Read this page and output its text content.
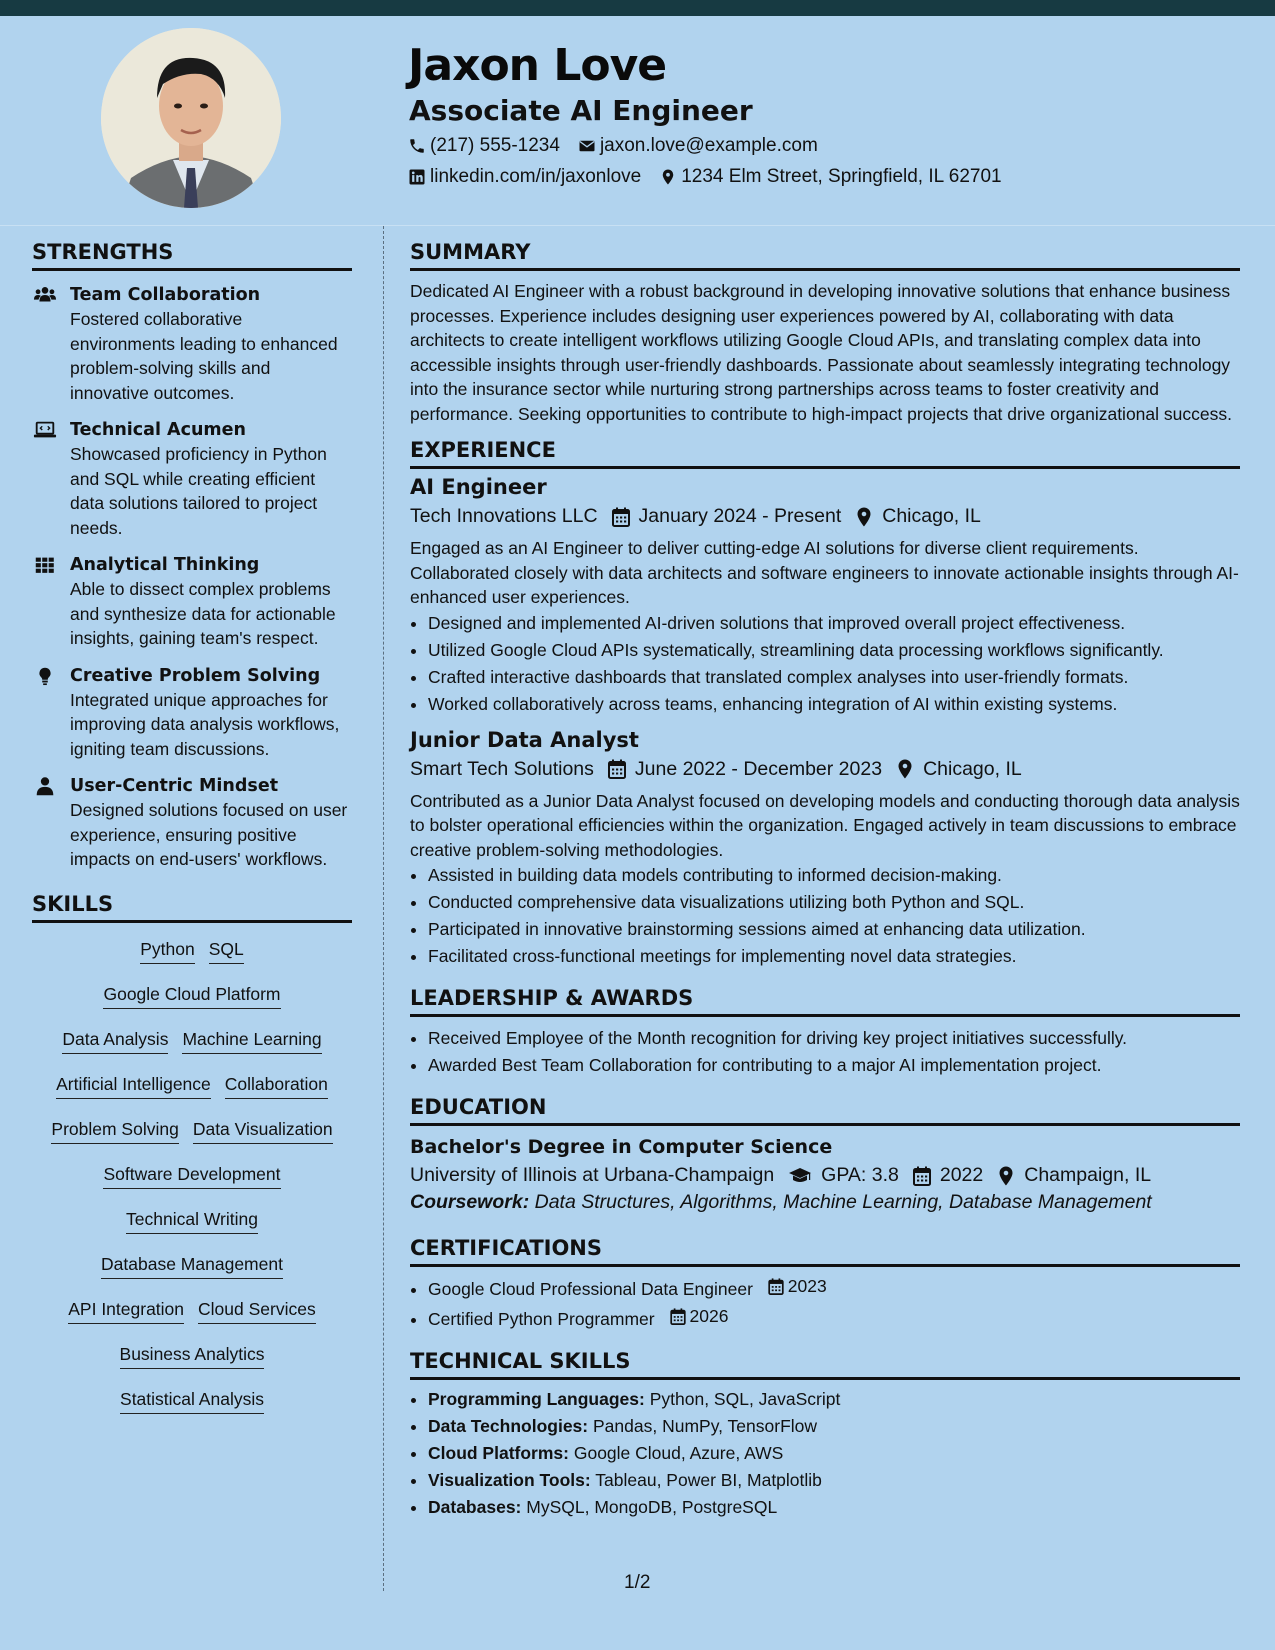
Jaxon Love
Associate AI Engineer
(217) 555-1234 jaxon.love@example.com
linkedin.com/in/jaxonlove 1234 Elm Street, Springfield, IL 62701
STRENGTHS
Team Collaboration
Fostered collaborative environments leading to enhanced problem-solving skills and innovative outcomes.
Technical Acumen
Showcased proficiency in Python and SQL while creating efficient data solutions tailored to project needs.
Analytical Thinking
Able to dissect complex problems and synthesize data for actionable insights, gaining team's respect.
Creative Problem Solving
Integrated unique approaches for improving data analysis workflows, igniting team discussions.
User-Centric Mindset
Designed solutions focused on user experience, ensuring positive impacts on end-users' workflows.
SKILLS
Python SQL
Google Cloud Platform
Data Analysis Machine Learning
Artificial Intelligence Collaboration
Problem Solving Data Visualization
Software Development
Technical Writing
Database Management
API Integration Cloud Services
Business Analytics
Statistical Analysis
SUMMARY

Dedicated AI Engineer with a robust background in developing innovative solutions that enhance business processes. Experience includes designing user experiences powered by AI, collaborating with data architects to create intelligent workflows utilizing Google Cloud APIs, and translating complex data into accessible insights through user-friendly dashboards. Passionate about seamlessly integrating technology into the insurance sector while nurturing strong partnerships across teams to foster creativity and performance. Seeking opportunities to contribute to high-impact projects that drive organizational success.

EXPERIENCE
AI Engineer
Tech Innovations LLC January 2024 - Present Chicago, IL
Engaged as an AI Engineer to deliver cutting-edge AI solutions for diverse client requirements. Collaborated closely with data architects and software engineers to innovate actionable insights through AI-enhanced user experiences.
• Designed and implemented AI-driven solutions that improved overall project effectiveness.
• Utilized Google Cloud APIs systematically, streamlining data processing workflows significantly.
• Crafted interactive dashboards that translated complex analyses into user-friendly formats.
• Worked collaboratively across teams, enhancing integration of AI within existing systems.
Junior Data Analyst
Smart Tech Solutions June 2022 - December 2023 Chicago, IL
Contributed as a Junior Data Analyst focused on developing models and conducting thorough data analysis to bolster operational efficiencies within the organization. Engaged actively in team discussions to embrace creative problem-solving methodologies.
• Assisted in building data models contributing to informed decision-making.
• Conducted comprehensive data visualizations utilizing both Python and SQL.
• Participated in innovative brainstorming sessions aimed at enhancing data utilization.
• Facilitated cross-functional meetings for implementing novel data strategies.
LEADERSHIP & AWARDS
• Received Employee of the Month recognition for driving key project initiatives successfully.
• Awarded Best Team Collaboration for contributing to a major AI implementation project.
EDUCATION
Bachelor's Degree in Computer Science
University of Illinois at Urbana-Champaign GPA: 3.8 2022 Champaign, IL
Coursework: Data Structures, Algorithms, Machine Learning, Database Management
CERTIFICATIONS
• Google Cloud Professional Data Engineer 2023
• Certified Python Programmer 2026
TECHNICAL SKILLS
• Programming Languages: Python, SQL, JavaScript
• Data Technologies: Pandas, NumPy, TensorFlow
• Cloud Platforms: Google Cloud, Azure, AWS
• Visualization Tools: Tableau, Power BI, Matplotlib
• Databases: MySQL, MongoDB, PostgreSQL
1/2
